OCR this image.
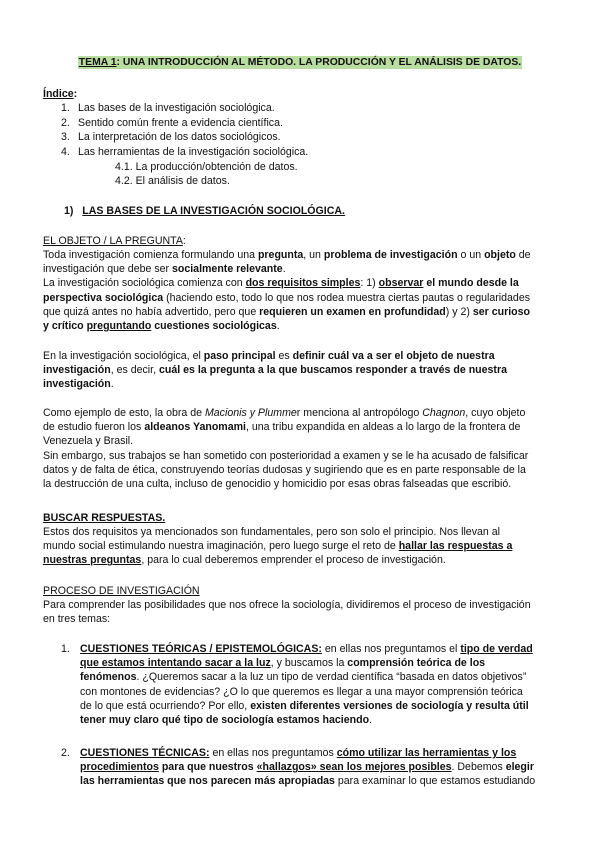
TEMA 1: UNA INTRODUCCIÓN AL MÉTODO. LA PRODUCCIÓN Y EL ANÁLISIS DE DATOS.
Índice:
1. Las bases de la investigación sociológica.
2. Sentido común frente a evidencia científica.
3. La interpretación de los datos sociológicos.
4. Las herramientas de la investigación sociológica.
4.1. La producción/obtención de datos.
4.2. El análisis de datos.
1) LAS BASES DE LA INVESTIGACIÓN SOCIOLÓGICA.
EL OBJETO / LA PREGUNTA:
Toda investigación comienza formulando una pregunta, un problema de investigación o un objeto de
investigación que debe ser socialmente relevante.
La investigación sociológica comienza con dos requisitos simples: 1) observar el mundo desde la
perspectiva sociológica (haciendo esto, todo lo que nos rodea muestra ciertas pautas o regularidades
que quizá antes no había advertido, pero que requieren un examen en profundidad) y 2) ser curioso
y crítico preguntando cuestiones sociológicas.
En la investigación sociológica, el paso principal es definir cuál va a ser el objeto de nuestra
investigación, es decir, cuál es la pregunta a la que buscamos responder a través de nuestra
investigación.
Como ejemplo de esto, la obra de Macionis y Plummer menciona al antropólogo Chagnon, cuyo objeto
de estudio fueron los aldeanos Yanomami, una tribu expandida en aldeas a lo largo de la frontera de
Venezuela y Brasil.
Sin embargo, sus trabajos se han sometido con posterioridad a examen y se le ha acusado de falsificar
datos y de falta de ética, construyendo teorías dudosas y sugiriendo que es en parte responsable de la
la destrucción de una culta, incluso de genocidio y homicidio por esas obras falseadas que escribió.
BUSCAR RESPUESTAS.
Estos dos requisitos ya mencionados son fundamentales, pero son solo el principio. Nos llevan al
mundo social estimulando nuestra imaginación, pero luego surge el reto de hallar las respuestas a
nuestras preguntas, para lo cual deberemos emprender el proceso de investigación.
PROCESO DE INVESTIGACIÓN
Para comprender las posibilidades que nos ofrece la sociología, dividiremos el proceso de investigación
en tres temas:
1. CUESTIONES TEÓRICAS / EPISTEMOLÓGICAS: en ellas nos preguntamos el tipo de verdad
que estamos intentando sacar a la luz, y buscamos la comprensión teórica de los
fenómenos. ¿Queremos sacar a la luz un tipo de verdad científica “basada en datos objetivos”
con montones de evidencias? ¿O lo que queremos es llegar a una mayor comprensión teórica
de lo que está ocurriendo? Por ello, existen diferentes versiones de sociología y resulta útil
tener muy claro qué tipo de sociología estamos haciendo.
2. CUESTIONES TÉCNICAS: en ellas nos preguntamos cómo utilizar las herramientas y los
procedimientos para que nuestros «hallazgos» sean los mejores posibles. Debemos elegir
las herramientas que nos parecen más apropiadas para examinar lo que estamos estudiando
